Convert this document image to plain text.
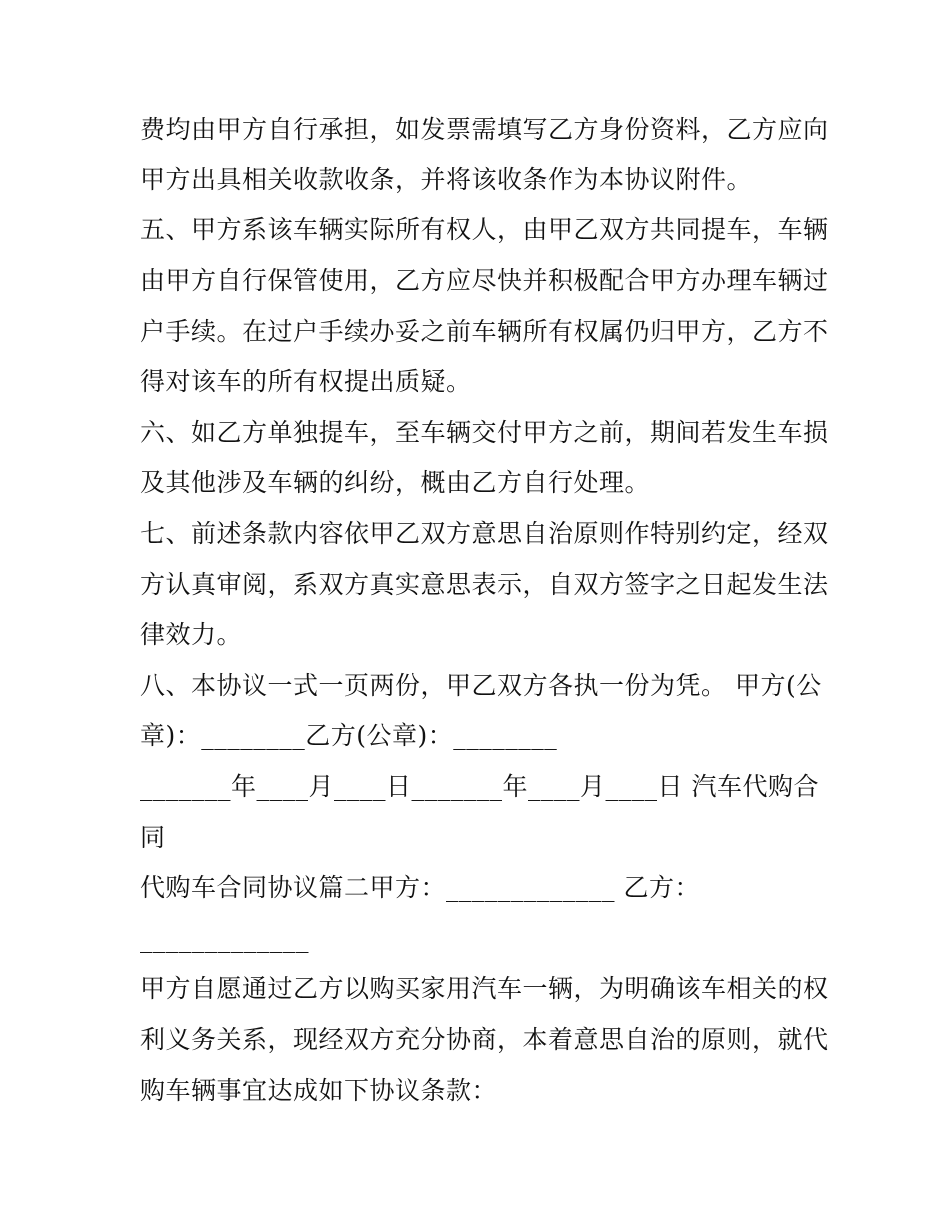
费均由甲方自行承担，如发票需填写乙方身份资料，乙方应向
甲方出具相关收款收条，并将该收条作为本协议附件。
五、甲方系该车辆实际所有权人，由甲乙双方共同提车，车辆
由甲方自行保管使用，乙方应尽快并积极配合甲方办理车辆过
户手续。在过户手续办妥之前车辆所有权属仍归甲方，乙方不
得对该车的所有权提出质疑。
六、如乙方单独提车，至车辆交付甲方之前，期间若发生车损
及其他涉及车辆的纠纷，概由乙方自行处理。
七、前述条款内容依甲乙双方意思自治原则作特别约定，经双
方认真审阅，系双方真实意思表示，自双方签字之日起发生法
律效力。
八、本协议一式一页两份，甲乙双方各执一份为凭。 甲方(公
章)：________乙方(公章)：________
_______年____月____日_______年____月____日 汽车代购合
同
代购车合同协议篇二甲方：_____________ 乙方：
_____________
甲方自愿通过乙方以购买家用汽车一辆，为明确该车相关的权
利义务关系，现经双方充分协商，本着意思自治的原则，就代
购车辆事宜达成如下协议条款：
